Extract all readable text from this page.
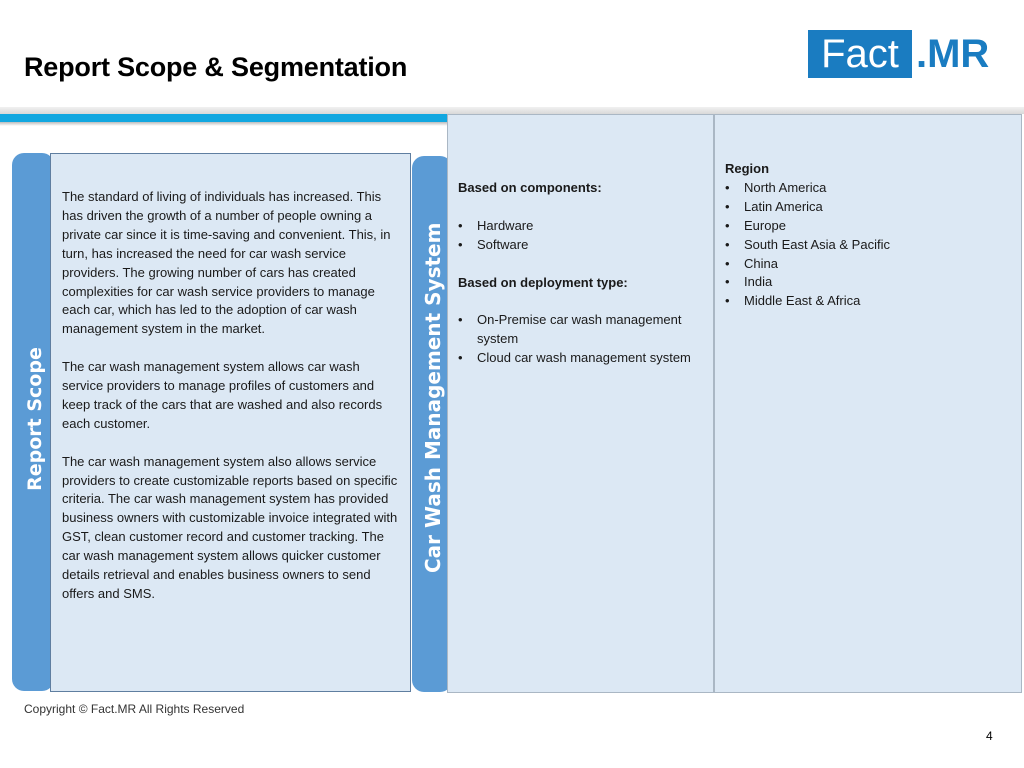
Report Scope & Segmentation	Fact .MR
Report Scope

The standard of living of individuals has increased. This has driven the growth of a number of people owning a private car since it is time-saving and convenient. This, in turn, has increased the need for car wash service providers. The growing number of cars has created complexities for car wash service providers to manage each car, which has led to the adoption of car wash management system in the market.

The car wash management system allows car wash service providers to manage profiles of customers and keep track of the cars that are washed and also records each customer.

The car wash management system also allows service providers to create customizable reports based on specific criteria. The car wash management system has provided business owners with customizable invoice integrated with GST, clean customer record and customer tracking. The car wash management system allows quicker customer details retrieval and enables business owners to send offers and SMS.

Car Wash Management System
Based on components:
• Hardware
• Software
Based on deployment type:
• On-Premise car wash management system
• Cloud car wash management system
Region
• North America
• Latin America
• Europe
• South East Asia & Pacific
• China
• India
• Middle East & Africa
Copyright © Fact.MR All Rights Reserved
4
